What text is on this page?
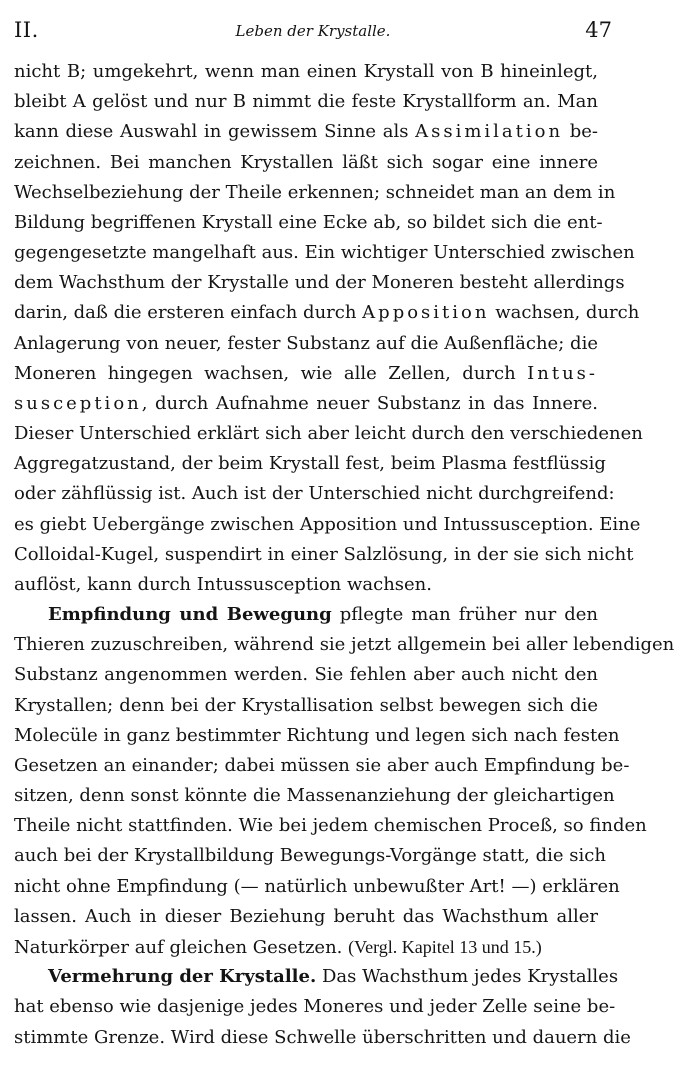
II.	Leben der Krystalle.	47
nicht B; umgekehrt, wenn man einen Krystall von B hineinlegt,
bleibt A gelöst und nur B nimmt die feste Krystallform an. Man
kann diese Auswahl in gewissem Sinne als Assimilation be-
zeichnen. Bei manchen Krystallen läßt sich sogar eine innere
Wechselbeziehung der Theile erkennen; schneidet man an dem in
Bildung begriffenen Krystall eine Ecke ab, so bildet sich die ent-
gegengesetzte mangelhaft aus. Ein wichtiger Unterschied zwischen
dem Wachsthum der Krystalle und der Moneren besteht allerdings
darin, daß die ersteren einfach durch Apposition wachsen, durch
Anlagerung von neuer, fester Substanz auf die Außenfläche; die
Moneren hingegen wachsen, wie alle Zellen, durch Intus-
susception, durch Aufnahme neuer Substanz in das Innere.
Dieser Unterschied erklärt sich aber leicht durch den verschiedenen
Aggregatzustand, der beim Krystall fest, beim Plasma festflüssig
oder zähflüssig ist. Auch ist der Unterschied nicht durchgreifend:
es giebt Uebergänge zwischen Apposition und Intussusception. Eine
Colloidal-Kugel, suspendirt in einer Salzlösung, in der sie sich nicht
auflöst, kann durch Intussusception wachsen.
Empfindung und Bewegung pflegte man früher nur den
Thieren zuzuschreiben, während sie jetzt allgemein bei aller lebendigen
Substanz angenommen werden. Sie fehlen aber auch nicht den
Krystallen; denn bei der Krystallisation selbst bewegen sich die
Molecüle in ganz bestimmter Richtung und legen sich nach festen
Gesetzen an einander; dabei müssen sie aber auch Empfindung be-
sitzen, denn sonst könnte die Massenanziehung der gleichartigen
Theile nicht stattfinden. Wie bei jedem chemischen Proceß, so finden
auch bei der Krystallbildung Bewegungs-Vorgänge statt, die sich
nicht ohne Empfindung (— natürlich unbewußter Art! —) erklären
lassen. Auch in dieser Beziehung beruht das Wachsthum aller
Naturkörper auf gleichen Gesetzen. (Vergl. Kapitel 13 und 15.)
Vermehrung der Krystalle. Das Wachsthum jedes Krystalles
hat ebenso wie dasjenige jedes Moneres und jeder Zelle seine be-
stimmte Grenze. Wird diese Schwelle überschritten und dauern die
